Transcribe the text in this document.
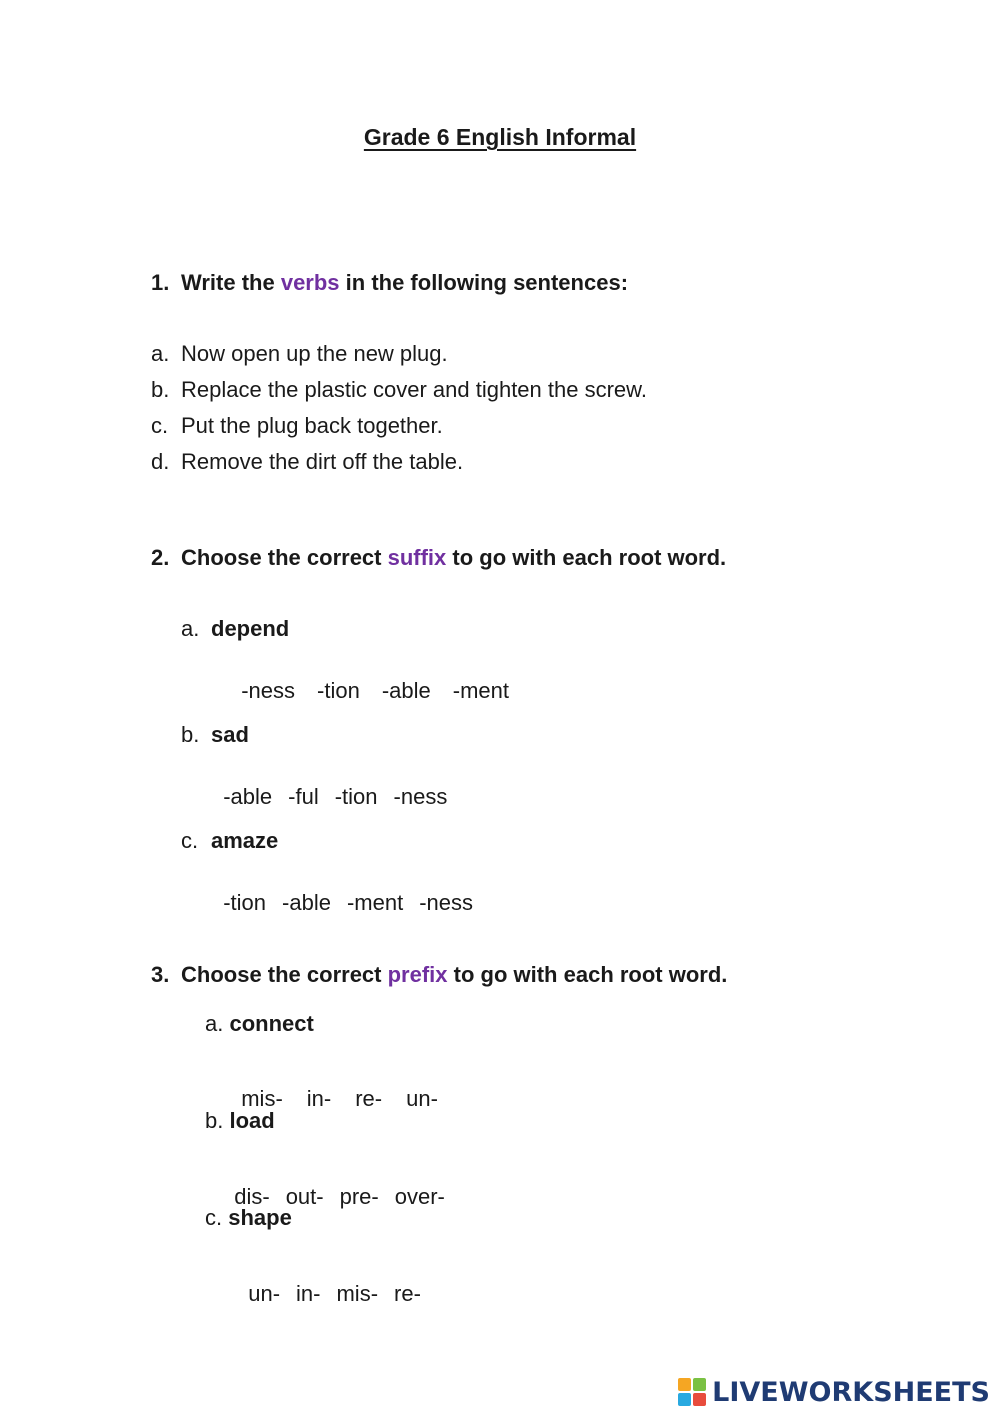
Grade 6 English Informal
1. Write the verbs in the following sentences:
a. Now open up the new plug.
b. Replace the plastic cover and tighten the screw.
c. Put the plug back together.
d. Remove the dirt off the table.
2. Choose the correct suffix to go with each root word.
a. depend

-ness -tion -able -ment

b. sad

-able -ful -tion -ness

c. amaze

-tion -able -ment -ness

3. Choose the correct prefix to go with each root word.
a. connect

mis- in- re- un-

b. load

dis- out- pre- over-

c. shape

un- in- mis- re-

LIVEWORKSHEETS
